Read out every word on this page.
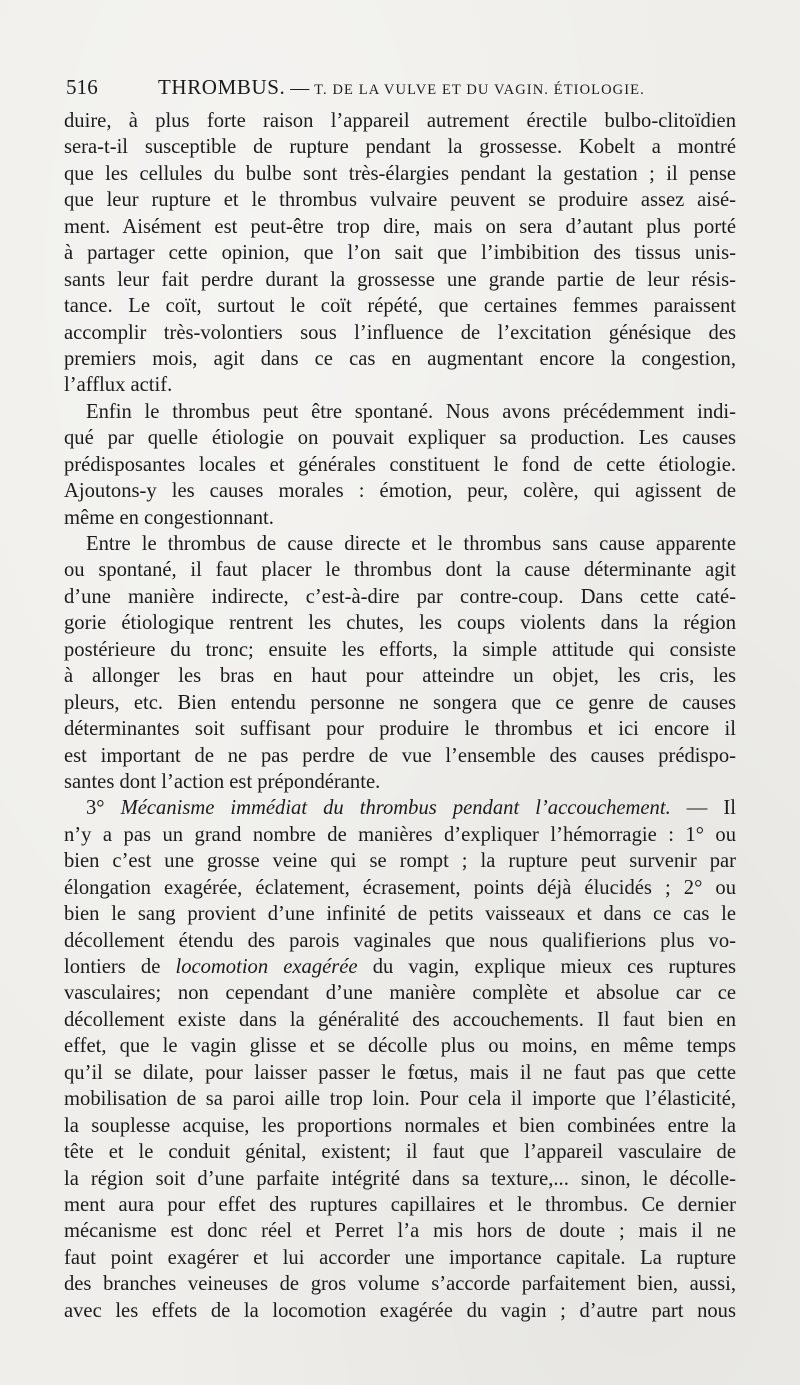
516	THROMBUS. — T. DE LA VULVE ET DU VAGIN. ÉTIOLOGIE.
duire, à plus forte raison l’appareil autrement érectile bulbo-clitoïdien
sera-t-il susceptible de rupture pendant la grossesse. Kobelt a montré
que les cellules du bulbe sont très-élargies pendant la gestation ; il pense
que leur rupture et le thrombus vulvaire peuvent se produire assez aisé-
ment. Aisément est peut-être trop dire, mais on sera d’autant plus porté
à partager cette opinion, que l’on sait que l’imbibition des tissus unis-
sants leur fait perdre durant la grossesse une grande partie de leur résis-
tance. Le coït, surtout le coït répété, que certaines femmes paraissent
accomplir très-volontiers sous l’influence de l’excitation génésique des
premiers mois, agit dans ce cas en augmentant encore la congestion,
l’afflux actif.
Enfin le thrombus peut être spontané. Nous avons précédemment indi-
qué par quelle étiologie on pouvait expliquer sa production. Les causes
prédisposantes locales et générales constituent le fond de cette étiologie.
Ajoutons-y les causes morales : émotion, peur, colère, qui agissent de
même en congestionnant.
Entre le thrombus de cause directe et le thrombus sans cause apparente
ou spontané, il faut placer le thrombus dont la cause déterminante agit
d’une manière indirecte, c’est-à-dire par contre-coup. Dans cette caté-
gorie étiologique rentrent les chutes, les coups violents dans la région
postérieure du tronc; ensuite les efforts, la simple attitude qui consiste
à allonger les bras en haut pour atteindre un objet, les cris, les
pleurs, etc. Bien entendu personne ne songera que ce genre de causes
déterminantes soit suffisant pour produire le thrombus et ici encore il
est important de ne pas perdre de vue l’ensemble des causes prédispo-
santes dont l’action est prépondérante.
3° Mécanisme immédiat du thrombus pendant l’accouchement. — Il
n’y a pas un grand nombre de manières d’expliquer l’hémorragie : 1° ou
bien c’est une grosse veine qui se rompt ; la rupture peut survenir par
élongation exagérée, éclatement, écrasement, points déjà élucidés ; 2° ou
bien le sang provient d’une infinité de petits vaisseaux et dans ce cas le
décollement étendu des parois vaginales que nous qualifierions plus vo-
lontiers de locomotion exagérée du vagin, explique mieux ces ruptures
vasculaires; non cependant d’une manière complète et absolue car ce
décollement existe dans la généralité des accouchements. Il faut bien en
effet, que le vagin glisse et se décolle plus ou moins, en même temps
qu’il se dilate, pour laisser passer le fœtus, mais il ne faut pas que cette
mobilisation de sa paroi aille trop loin. Pour cela il importe que l’élasticité,
la souplesse acquise, les proportions normales et bien combinées entre la
tête et le conduit génital, existent; il faut que l’appareil vasculaire de
la région soit d’une parfaite intégrité dans sa texture,... sinon, le décolle-
ment aura pour effet des ruptures capillaires et le thrombus. Ce dernier
mécanisme est donc réel et Perret l’a mis hors de doute ; mais il ne
faut point exagérer et lui accorder une importance capitale. La rupture
des branches veineuses de gros volume s’accorde parfaitement bien, aussi,
avec les effets de la locomotion exagérée du vagin ; d’autre part nous
